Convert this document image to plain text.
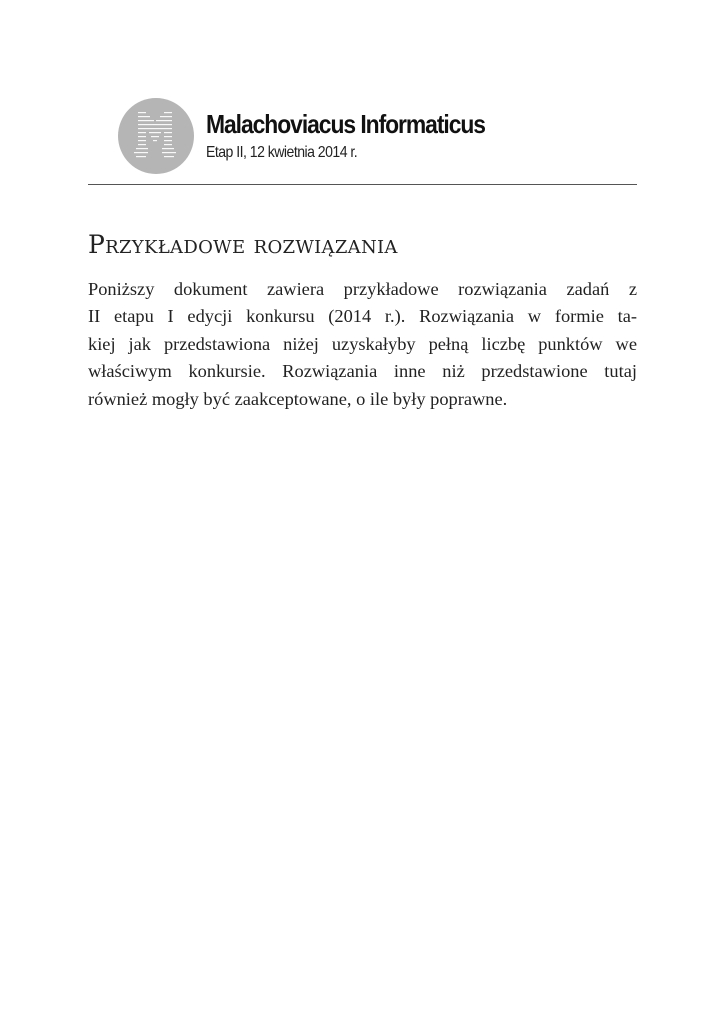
Malachoviacus Informaticus
Etap II, 12 kwietnia 2014 r.
Przykładowe rozwiązania
Poniższy dokument zawiera przykładowe rozwiązania zadań z
II etapu I edycji konkursu (2014 r.). Rozwiązania w formie ta-
kiej jak przedstawiona niżej uzyskałyby pełną liczbę punktów we
właściwym konkursie. Rozwiązania inne niż przedstawione tutaj
również mogły być zaakceptowane, o ile były poprawne.
